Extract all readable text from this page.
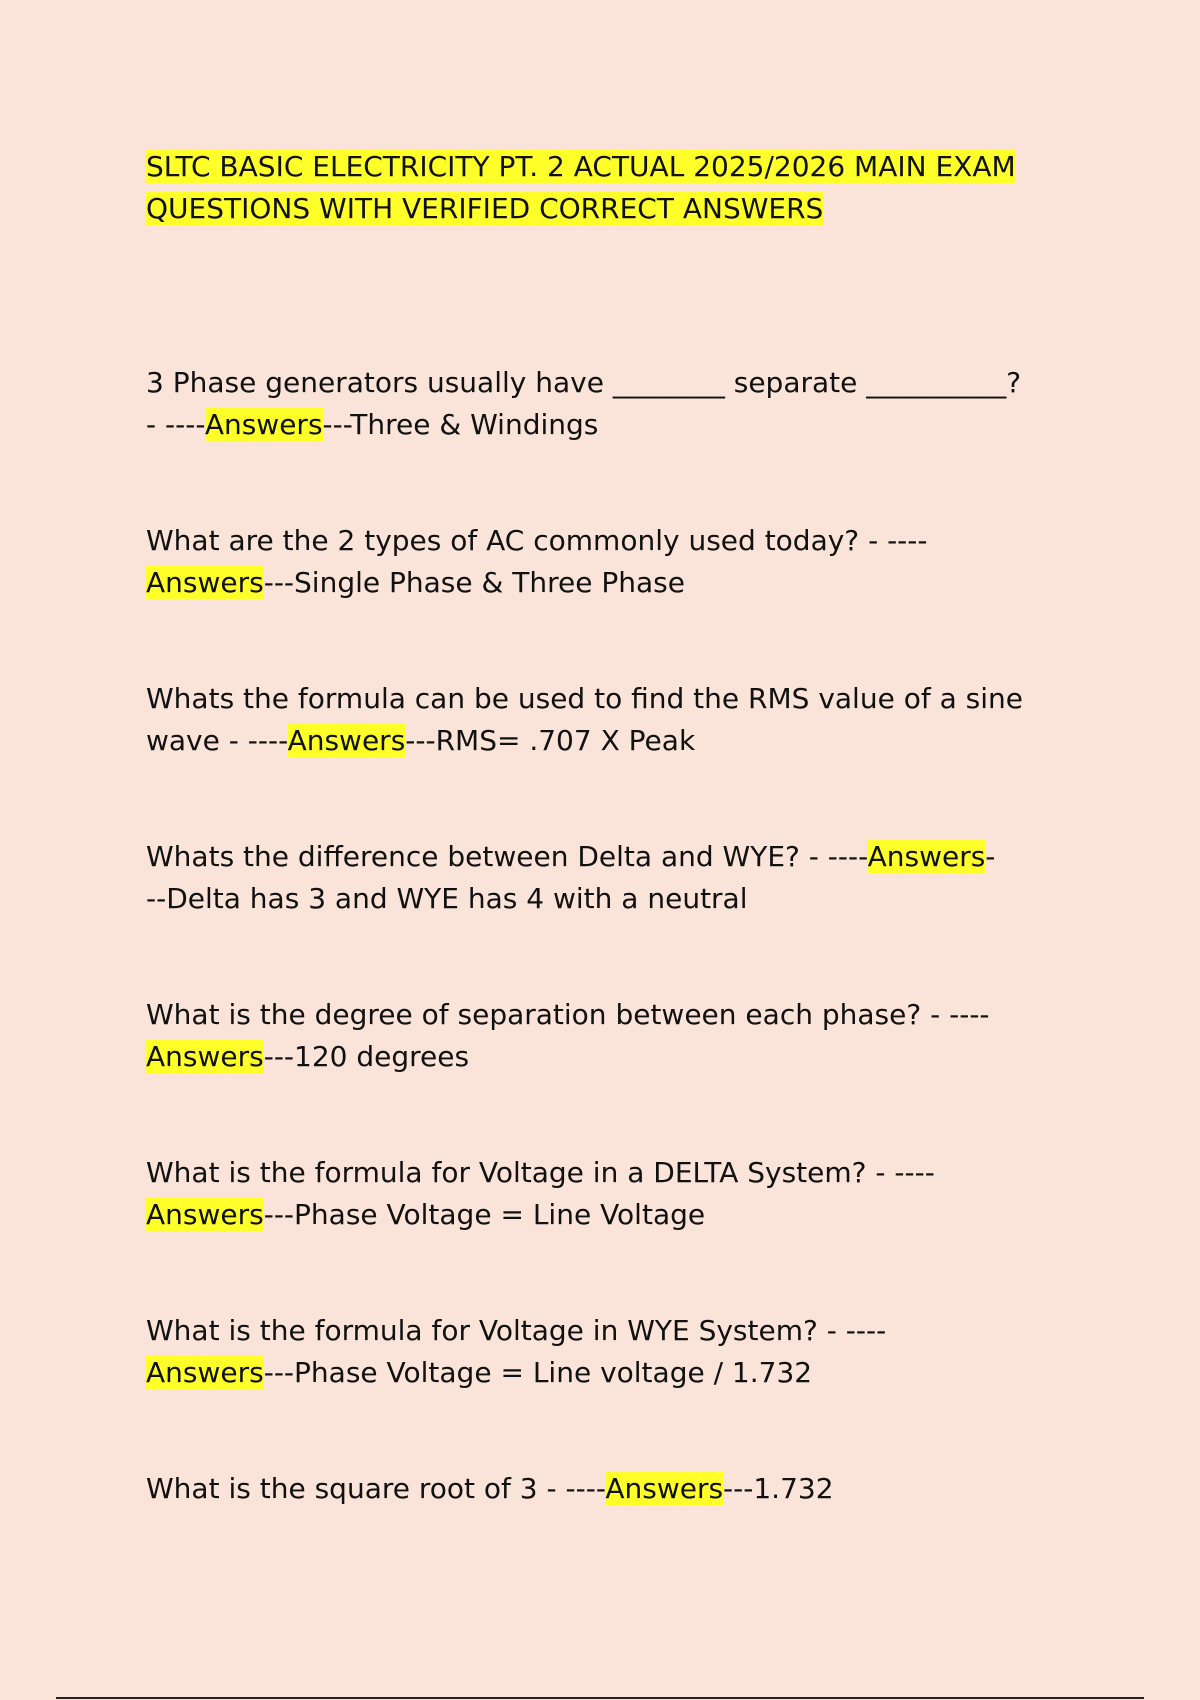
SLTC BASIC ELECTRICITY PT. 2 ACTUAL 2025/2026 MAIN EXAM
QUESTIONS WITH VERIFIED CORRECT ANSWERS

3 Phase generators usually have ________ separate __________?
- ----Answers---Three & Windings

What are the 2 types of AC commonly used today? - ----
Answers---Single Phase & Three Phase

Whats the formula can be used to find the RMS value of a sine
wave - ----Answers---RMS= .707 X Peak

Whats the difference between Delta and WYE? - ----Answers-
--Delta has 3 and WYE has 4 with a neutral

What is the degree of separation between each phase? - ----
Answers---120 degrees

What is the formula for Voltage in a DELTA System? - ----
Answers---Phase Voltage = Line Voltage

What is the formula for Voltage in WYE System? - ----
Answers---Phase Voltage = Line voltage / 1.732

What is the square root of 3 - ----Answers---1.732
